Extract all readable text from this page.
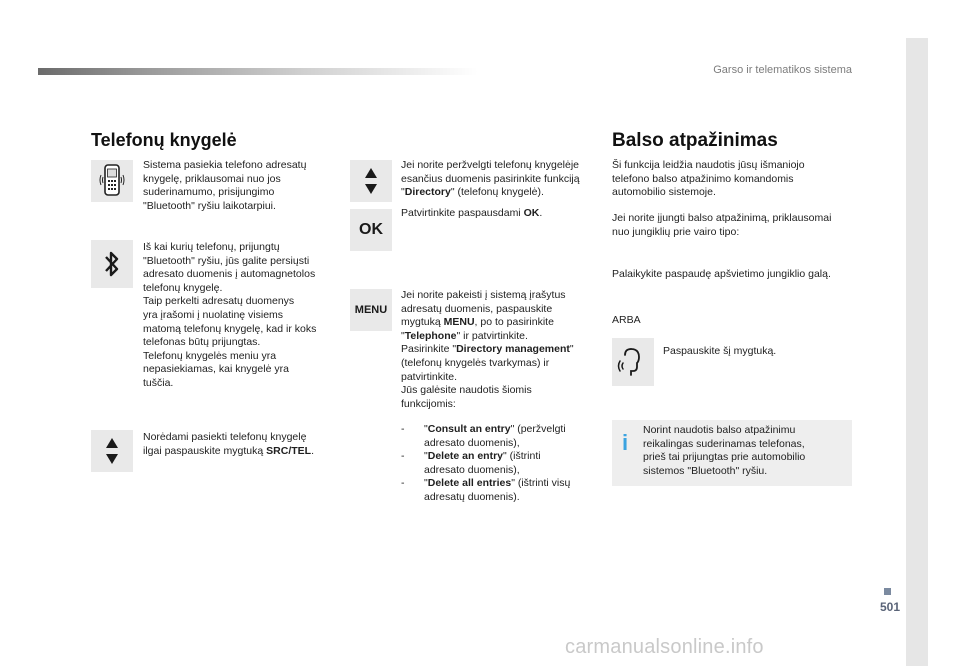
Garso ir telematikos sistema
501
carmanualsonline.info
Telefonų knygelė
Sistema pasiekia telefono adresatų
knygelę, priklausomai nuo jos
suderinamumo, prisijungimo
"Bluetooth" ryšiu laikotarpiui.
Iš kai kurių telefonų, prijungtų
"Bluetooth" ryšiu, jūs galite persiųsti
adresato duomenis į automagnetolos
telefonų knygelę.
Taip perkelti adresatų duomenys
yra įrašomi į nuolatinę visiems
matomą telefonų knygelę, kad ir koks
telefonas būtų prijungtas.
Telefonų knygelės meniu yra
nepasiekiamas, kai knygelė yra
tuščia.
Norėdami pasiekti telefonų knygelę
ilgai paspauskite mygtuką SRC/TEL.
Jei norite peržvelgti telefonų knygelėje
esančius duomenis pasirinkite funkciją
"Directory" (telefonų knygelė).
OK
Patvirtinkite paspausdami OK.
MENU
Jei norite pakeisti į sistemą įrašytus
adresatų duomenis, paspauskite
mygtuką MENU, po to pasirinkite
"Telephone" ir patvirtinkite.
Pasirinkite "Directory management"
(telefonų knygelės tvarkymas) ir
patvirtinkite.
Jūs galėsite naudotis šiomis
funkcijomis:
-	"Consult an entry" (peržvelgti
adresato duomenis),
-	"Delete an entry" (ištrinti
adresato duomenis),
-	"Delete all entries" (ištrinti visų
adresatų duomenis).
Balso atpažinimas
Ši funkcija leidžia naudotis jūsų išmaniojo
telefono balso atpažinimo komandomis
automobilio sistemoje.
Jei norite įjungti balso atpažinimą, priklausomai
nuo jungiklių prie vairo tipo:
Palaikykite paspaudę apšvietimo jungiklio galą.
ARBA
Paspauskite šį mygtuką.
i Norint naudotis balso atpažinimu
reikalingas suderinamas telefonas,
prieš tai prijungtas prie automobilio
sistemos "Bluetooth" ryšiu.
